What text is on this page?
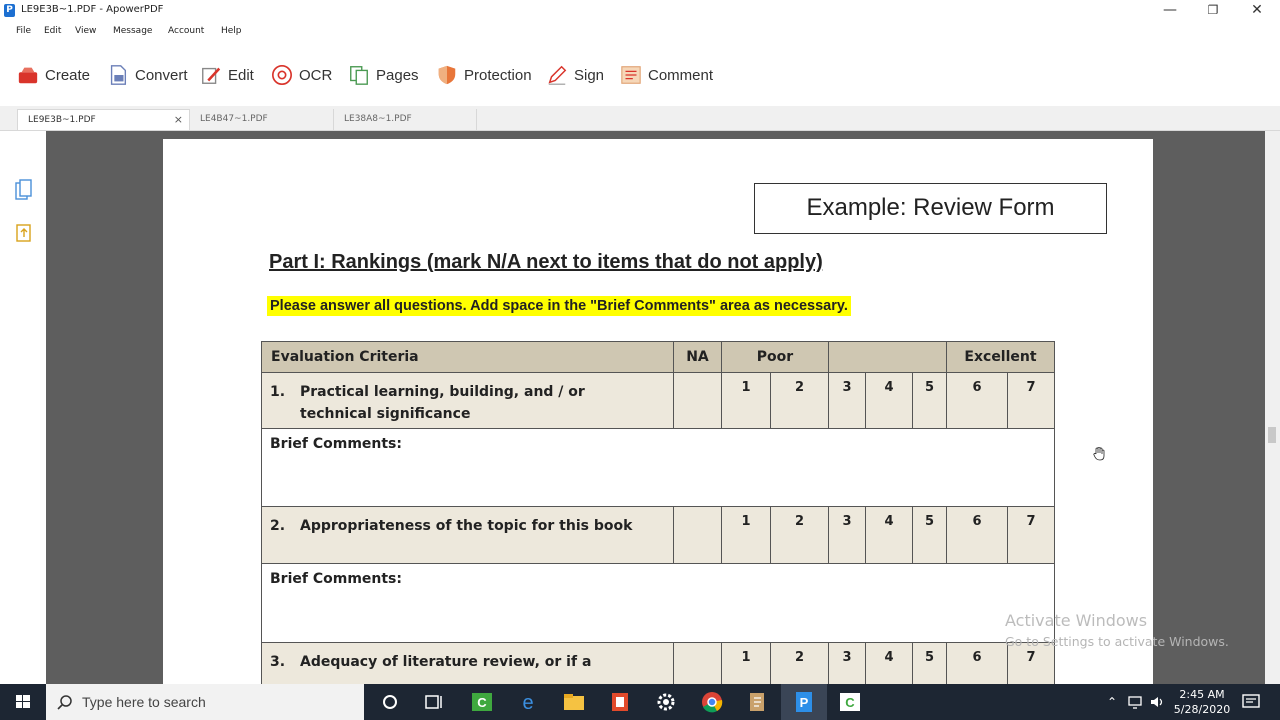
P LE9E3B~1.PDF - ApowerPDF	—	❐	✕
File Edit View Message Account Help
Create	Convert	Edit	OCR	Pages	Protection	Sign	Comment
LE9E3B~1.PDF	×	LE4B47~1.PDF	LE38A8~1.PDF
Example: Review Form
Part I: Rankings (mark N/A next to items that do not apply)
Please answer all questions. Add space in the "Brief Comments" area as necessary.
Evaluation Criteria	NA	Poor					Excellent	
1. Practical learning, building, and / or
technical significance		1	2	3	4	5	6	7
Brief Comments:								
2. Appropriateness of the topic for this book		1	2	3	4	5	6	7
Brief Comments:								
3. Adequacy of literature review, or if a		1	2	3	4	5	6	7
Activate Windows
Go to Settings to activate Windows.
Type here to search	C e	P	C	⌃
2:45 AM
5/28/2020
